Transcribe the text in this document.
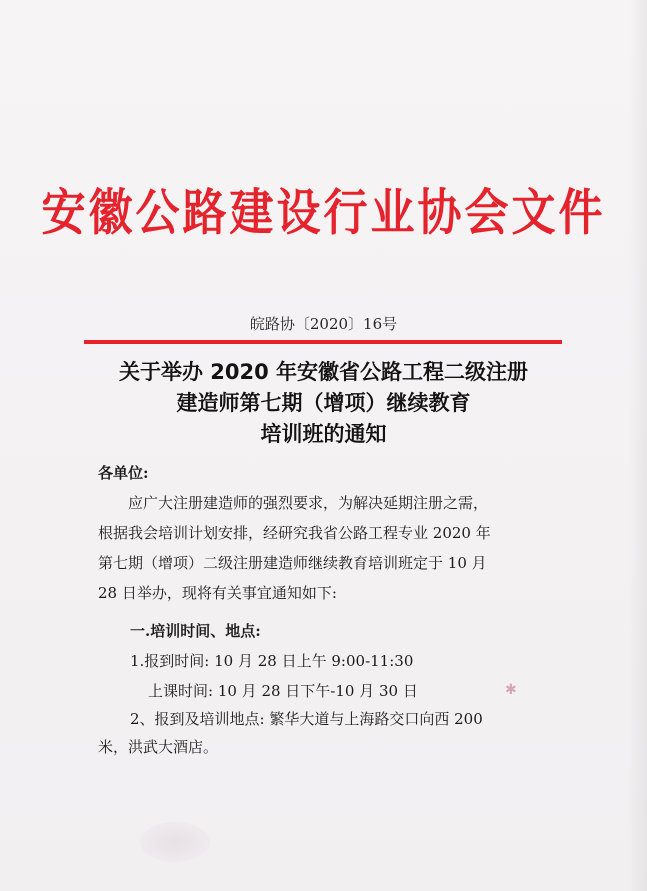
安徽公路建设行业协会文件
皖路协〔2020〕16号
关于举办 2020 年安徽省公路工程二级注册
建造师第七期（增项）继续教育
培训班的通知
各单位:
应广大注册建造师的强烈要求，为解决延期注册之需，
根据我会培训计划安排，经研究我省公路工程专业 2020 年
第七期（增项）二级注册建造师继续教育培训班定于 10 月
28 日举办，现将有关事宜通知如下:
一.培训时间、地点:
1.报到时间: 10 月 28 日上午 9:00-11:30
上课时间: 10 月 28 日下午-10 月 30 日
2、报到及培训地点: 繁华大道与上海路交口向西 200
米，洪武大酒店。
✱
